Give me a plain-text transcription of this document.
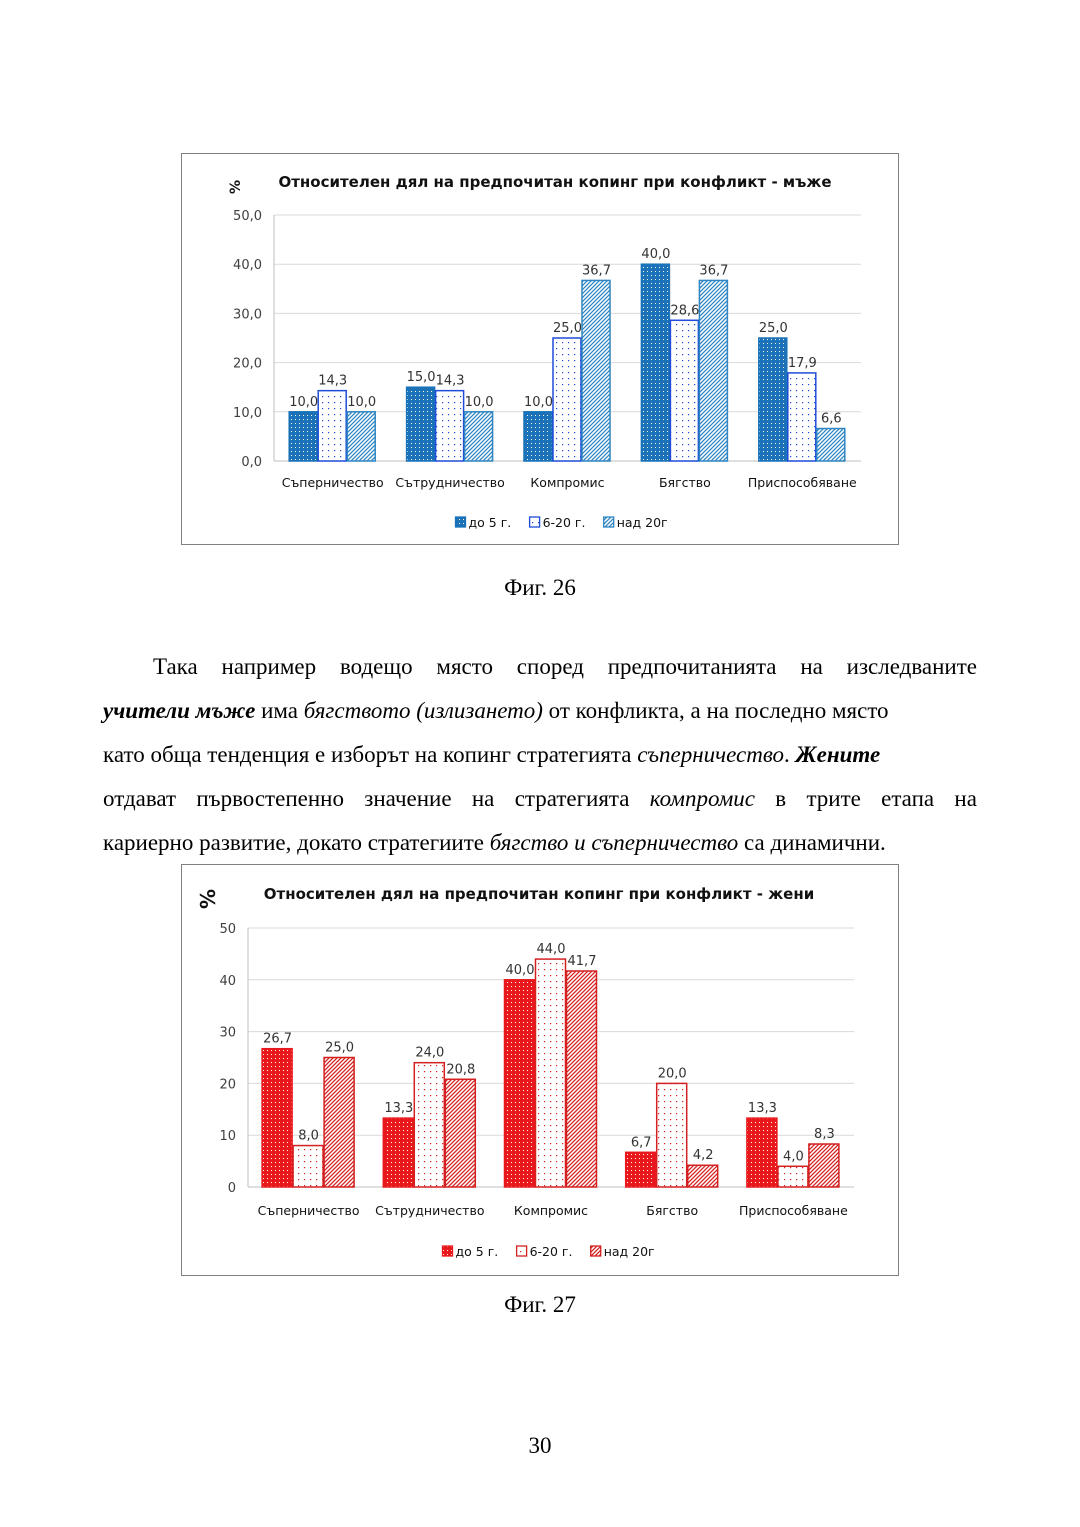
0,0
10,0
20,0
30,0
40,0
50,0
Относителен дял на предпочитан копинг при конфликт - мъже
%
10,0
14,3
10,0
Съперничество
15,0 14,3
10,0
Сътрудничество
10,0
25,0
36,7
Компромис
40,0
28,6
36,7
Бягство
25,0
17,9
6,6
Приспособяване
до 5 г.	6-20 г. над 20г
Фиг. 26
Така например водещо място според предпочитанията на изследваните
учители мъже има бягството (излизането) от конфликта, а на последно място
като обща тенденция е изборът на копинг стратегията съперничество. Жените
отдават първостепенно значение на стратегията компромис в трите етапа на
кариерно развитие, докато стратегиите бягство и съперничество са динамични.
0
10
20
30
40
50
Относителен дял на предпочитан копинг при конфликт - жени
%
26,7
8,0
25,0
Съперничество
13,3
24,0
20,8
Сътрудничество
40,0
44,0
41,7
Компромис
6,7
20,0
4,2
Бягство
13,3
4,0
8,3
Приспособяване
до 5 г.	6-20 г. над 20г
Фиг. 27
30
